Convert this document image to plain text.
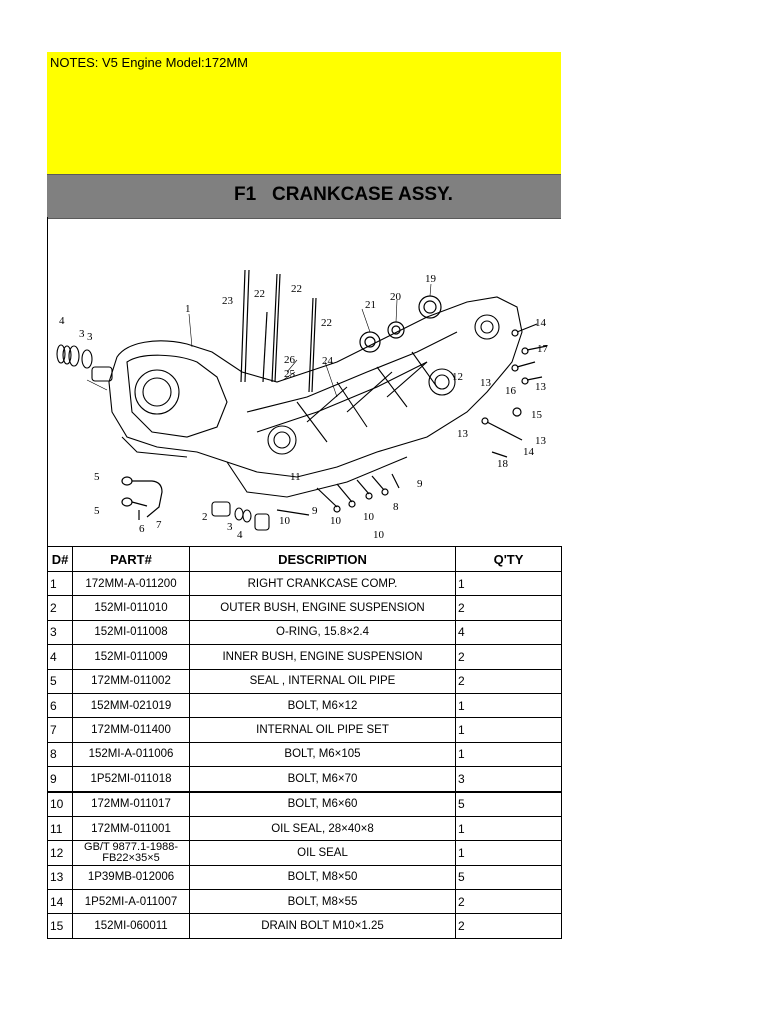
NOTES: V5 Engine Model:172MM
F1   CRANKCASE ASSY.
1
2
3 3
4
5
5
6 7
8
9
9
10	10 10
10
11
12 13	13
13
13
14
14
15
16
17
18
19
20
21
22 22
22
23
24
25
26
3
4
D#	PART#	DESCRIPTION	Q'TY
1	172MM-A-011200	RIGHT CRANKCASE COMP.	1
2	152MI-011010	OUTER BUSH, ENGINE SUSPENSION	2
3	152MI-011008	O-RING, 15.8×2.4	4
4	152MI-011009	INNER BUSH, ENGINE SUSPENSION	2
5	172MM-011002	SEAL , INTERNAL OIL PIPE	2
6	152MM-021019	BOLT, M6×12	1
7	172MM-011400	INTERNAL OIL PIPE SET	1
8	152MI-A-011006	BOLT, M6×105	1
9	1P52MI-011018	BOLT, M6×70	3
10	172MM-011017	BOLT, M6×60	5
11	172MM-011001	OIL SEAL, 28×40×8	1
12	GB/T 9877.1-1988-FB22×35×5	OIL SEAL	1
13	1P39MB-012006	BOLT, M8×50	5
14	1P52MI-A-011007	BOLT, M8×55	2
15	152MI-060011	DRAIN BOLT M10×1.25	2
